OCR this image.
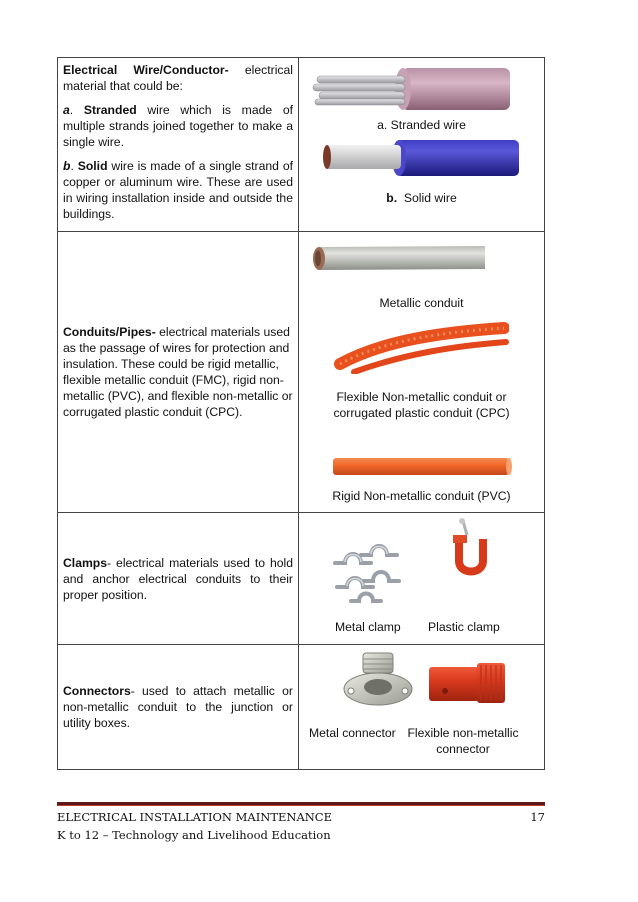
Electrical Wire/Conductor- electrical material that could be:

a. Stranded wire which is made of multiple strands joined together to make a single wire.

b. Solid wire is made of a single strand of copper or aluminum wire. These are used in wiring installation inside and outside the buildings.

a. Stranded wire
b. Solid wire

Conduits/Pipes- electrical materials used as the passage of wires for protection and insulation. These could be rigid metallic, flexible metallic conduit (FMC), rigid non-metallic (PVC), and flexible non-metallic or corrugated plastic conduit (CPC).

Metallic conduit
Flexible Non-metallic conduit or corrugated plastic conduit (CPC)
Rigid Non-metallic conduit (PVC)

Clamps- electrical materials used to hold and anchor electrical conduits to their proper position.

Metal clamp Plastic clamp

Connectors- used to attach metallic or non-metallic conduit to the junction or utility boxes.

Metal connector Flexible non-metallic connector
ELECTRICAL INSTALLATION MAINTENANCE	17
K to 12 – Technology and Livelihood Education
